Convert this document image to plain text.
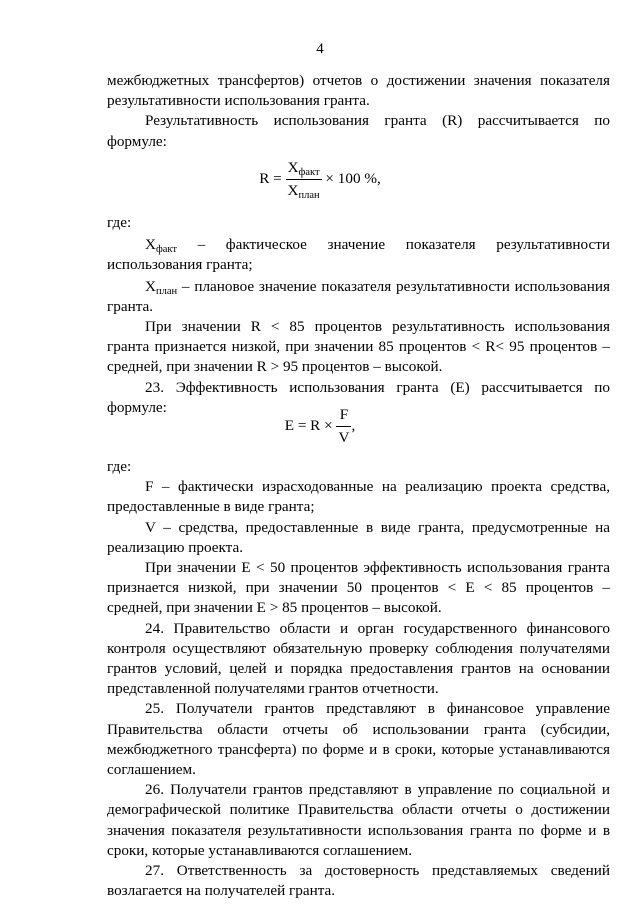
4

межбюджетных трансфертов) отчетов о достижении значения показателя результативности использования гранта.

Результативность использования гранта (R) рассчитывается по формуле:

$R = \frac{X_{факт}}{X_{план}} \times 100$ %,

где:

$X_{факт}$ – фактическое значение показателя результативности использования гранта;

$X_{план}$ – плановое значение показателя результативности использования гранта.

При значении R < 85 процентов результативность использования гранта признается низкой, при значении 85 процентов < R< 95 процентов – средней, при значении R > 95 процентов – высокой.

23. Эффективность использования гранта (Е) рассчитывается по формуле:

$Е = R \times \frac{F}{V}$ ,

где:

F – фактически израсходованные на реализацию проекта средства, предоставленные в виде гранта;

V – средства, предоставленные в виде гранта, предусмотренные на реализацию проекта.

При значении Е < 50 процентов эффективность использования гранта признается низкой, при значении 50 процентов < Е < 85 процентов – средней, при значении Е > 85 процентов – высокой.

24. Правительство области и орган государственного финансового контроля осуществляют обязательную проверку соблюдения получателями грантов условий, целей и порядка предоставления грантов на основании представленной получателями грантов отчетности.

25. Получатели грантов представляют в финансовое управление Правительства области отчеты об использовании гранта (субсидии, межбюджетного трансферта) по форме и в сроки, которые устанавливаются соглашением.

26. Получатели грантов представляют в управление по социальной и демографической политике Правительства области отчеты о достижении значения показателя результативности использования гранта по форме и в сроки, которые устанавливаются соглашением.

27. Ответственность за достоверность представляемых сведений возлагается на получателей гранта.
